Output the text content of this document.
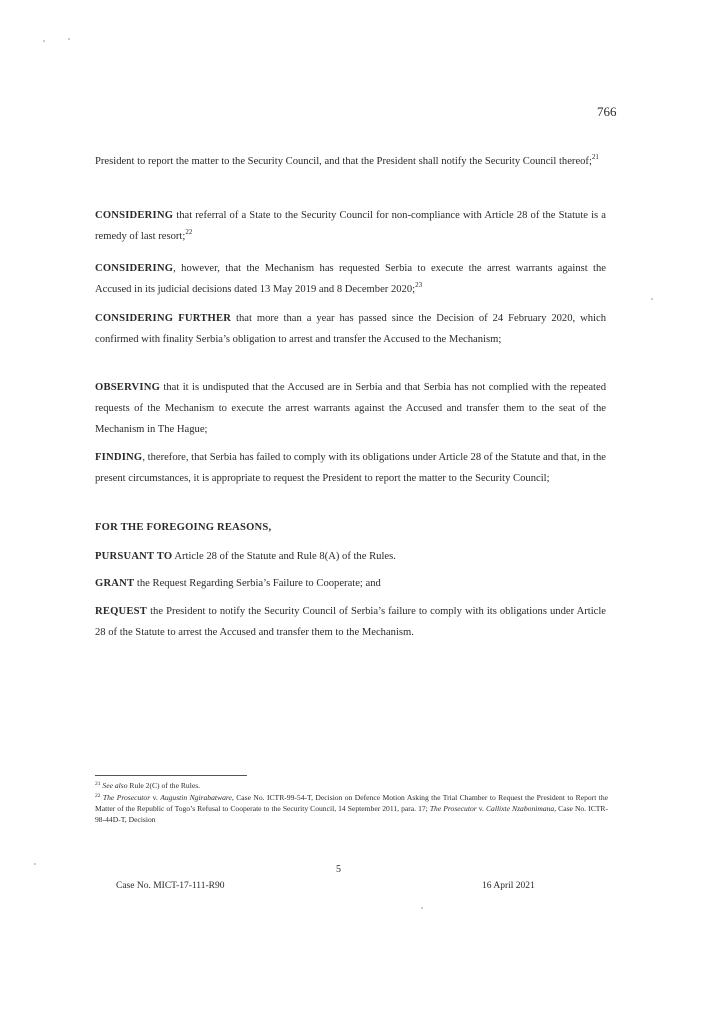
766

President to report the matter to the Security Council, and that the President shall notify the Security Council thereof;$^{21}$

CONSIDERING that referral of a State to the Security Council for non-compliance with Article 28 of the Statute is a remedy of last resort;$^{22}$

CONSIDERING, however, that the Mechanism has requested Serbia to execute the arrest warrants against the Accused in its judicial decisions dated 13 May 2019 and 8 December 2020;$^{23}$

CONSIDERING FURTHER that more than a year has passed since the Decision of 24 February 2020, which confirmed with finality Serbia’s obligation to arrest and transfer the Accused to the Mechanism;

OBSERVING that it is undisputed that the Accused are in Serbia and that Serbia has not complied with the repeated requests of the Mechanism to execute the arrest warrants against the Accused and transfer them to the seat of the Mechanism in The Hague;

FINDING, therefore, that Serbia has failed to comply with its obligations under Article 28 of the Statute and that, in the present circumstances, it is appropriate to request the President to report the matter to the Security Council;

FOR THE FOREGOING REASONS,

PURSUANT TO Article 28 of the Statute and Rule 8(A) of the Rules.

GRANT the Request Regarding Serbia’s Failure to Cooperate; and

REQUEST the President to notify the Security Council of Serbia’s failure to comply with its obligations under Article 28 of the Statute to arrest the Accused and transfer them to the Mechanism.

$^{21}$ See also Rule 2(C) of the Rules.

$^{22}$ The Prosecutor v. Augustin Ngirabatware, Case No. ICTR-99-54-T, Decision on Defence Motion Asking the Trial Chamber to Request the President to Report the Matter of the Republic of Togo’s Refusal to Cooperate to the Security Council, 14 September 2011, para. 17; The Prosecutor v. Callixte Nzabonimana, Case No. ICTR-98-44D-T, Decision

5
Case No. MICT-17-111-R90	16 April 2021
